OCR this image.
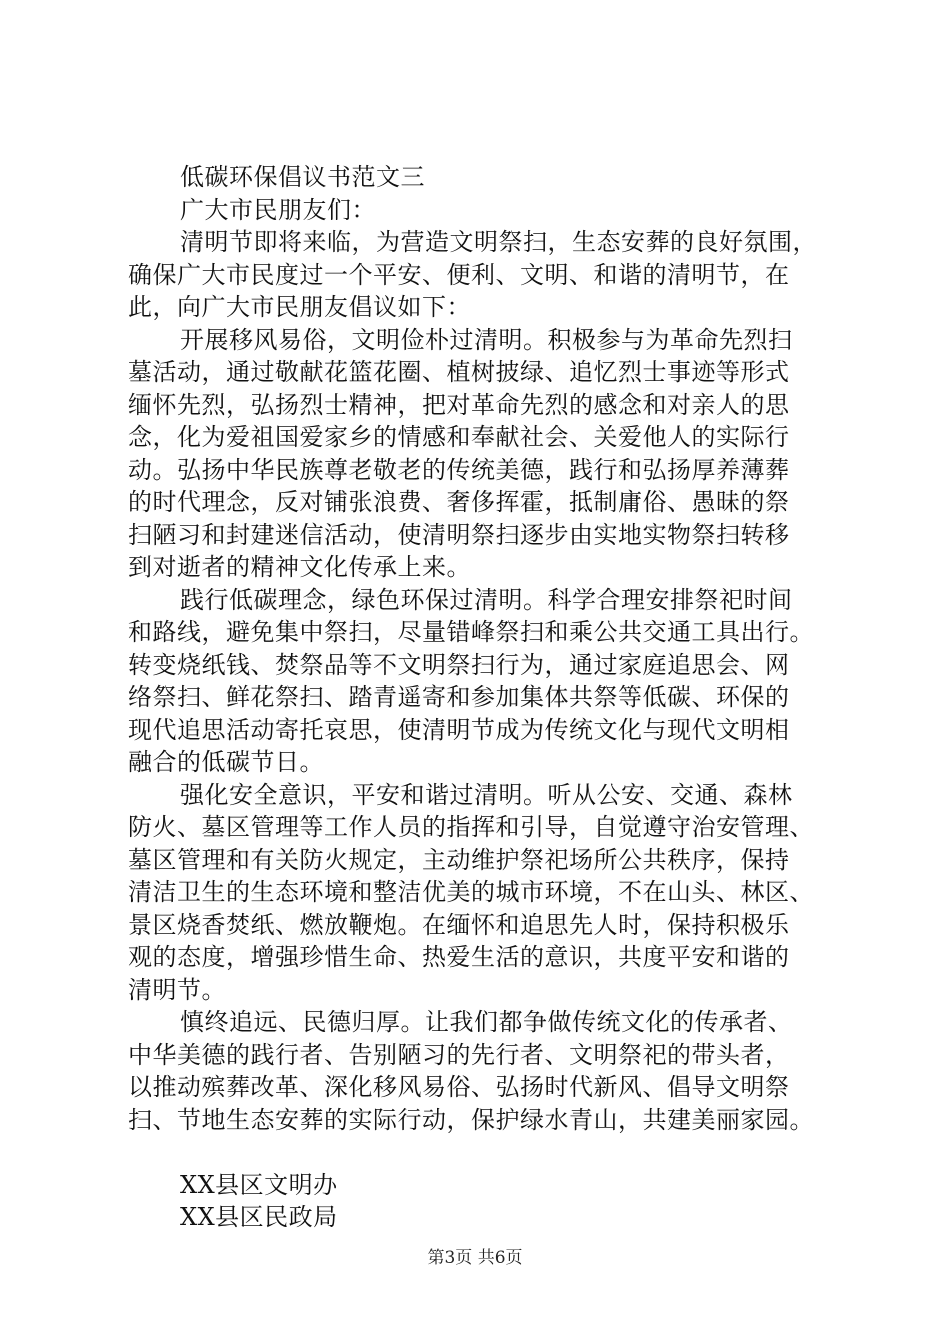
低碳环保倡议书范文三
广大市民朋友们：
清明节即将来临，为营造文明祭扫，生态安葬的良好氛围，
确保广大市民度过一个平安、便利、文明、和谐的清明节，在
此，向广大市民朋友倡议如下：
开展移风易俗，文明俭朴过清明。积极参与为革命先烈扫
墓活动，通过敬献花篮花圈、植树披绿、追忆烈士事迹等形式
缅怀先烈，弘扬烈士精神，把对革命先烈的感念和对亲人的思
念，化为爱祖国爱家乡的情感和奉献社会、关爱他人的实际行
动。弘扬中华民族尊老敬老的传统美德，践行和弘扬厚养薄葬
的时代理念，反对铺张浪费、奢侈挥霍，抵制庸俗、愚昧的祭
扫陋习和封建迷信活动，使清明祭扫逐步由实地实物祭扫转移
到对逝者的精神文化传承上来。
践行低碳理念，绿色环保过清明。科学合理安排祭祀时间
和路线，避免集中祭扫，尽量错峰祭扫和乘公共交通工具出行。
转变烧纸钱、焚祭品等不文明祭扫行为，通过家庭追思会、网
络祭扫、鲜花祭扫、踏青遥寄和参加集体共祭等低碳、环保的
现代追思活动寄托哀思，使清明节成为传统文化与现代文明相
融合的低碳节日。
强化安全意识，平安和谐过清明。听从公安、交通、森林
防火、墓区管理等工作人员的指挥和引导，自觉遵守治安管理、
墓区管理和有关防火规定，主动维护祭祀场所公共秩序，保持
清洁卫生的生态环境和整洁优美的城市环境，不在山头、林区、
景区烧香焚纸、燃放鞭炮。在缅怀和追思先人时，保持积极乐
观的态度，增强珍惜生命、热爱生活的意识，共度平安和谐的
清明节。
慎终追远、民德归厚。让我们都争做传统文化的传承者、
中华美德的践行者、告别陋习的先行者、文明祭祀的带头者，
以推动殡葬改革、深化移风易俗、弘扬时代新风、倡导文明祭
扫、节地生态安葬的实际行动，保护绿水青山，共建美丽家园。
XX县区文明办
XX县区民政局
第3页 共6页
